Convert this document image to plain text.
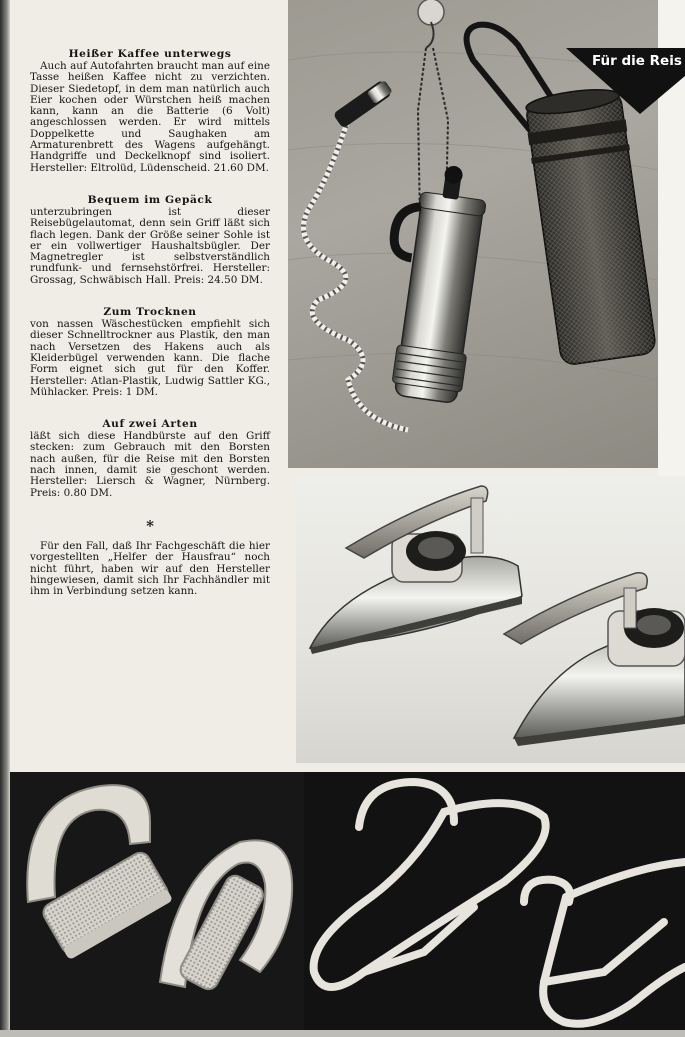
Heißer Kaffee unterwegs

Auch auf Autofahrten braucht man auf eine Tasse heißen Kaffee nicht zu verzichten. Dieser Siedetopf, in dem man natürlich auch Eier kochen oder Würstchen heiß machen kann, kann an die Batterie (6 Volt) angeschlossen werden. Er wird mittels Doppelkette und Saughaken am Armaturenbrett des Wagens aufgehängt. Handgriffe und Deckelknopf sind isoliert. Hersteller: Eltrolüd, Lüdenscheid. 21.60 DM.

Bequem im Gepäck

unterzubringen ist dieser Reisebügelautomat, denn sein Griff läßt sich flach legen. Dank der Größe seiner Sohle ist er ein vollwertiger Haushaltsbügler. Der Magnetregler ist selbstverständlich rundfunk- und fernsehstörfrei. Hersteller: Grossag, Schwäbisch Hall. Preis: 24.50 DM.

Zum Trocknen

von nassen Wäschestücken empfiehlt sich dieser Schnelltrockner aus Plastik, den man nach Versetzen des Hakens auch als Kleiderbügel verwenden kann. Die flache Form eignet sich gut für den Koffer. Hersteller: Atlan-Plastik, Ludwig Sattler KG., Mühlacker. Preis: 1 DM.

Auf zwei Arten

läßt sich diese Handbürste auf den Griff stecken: zum Gebrauch mit den Borsten nach außen, für die Reise mit den Borsten nach innen, damit sie geschont werden. Hersteller: Liersch & Wagner, Nürnberg. Preis: 0.80 DM.

*

Für den Fall, daß Ihr Fachgeschäft die hier vorgestellten „Helfer der Hausfrau“ noch nicht führt, haben wir auf den Hersteller hingewiesen, damit sich Ihr Fachhändler mit ihm in Verbindung setzen kann.

Für die Reis
